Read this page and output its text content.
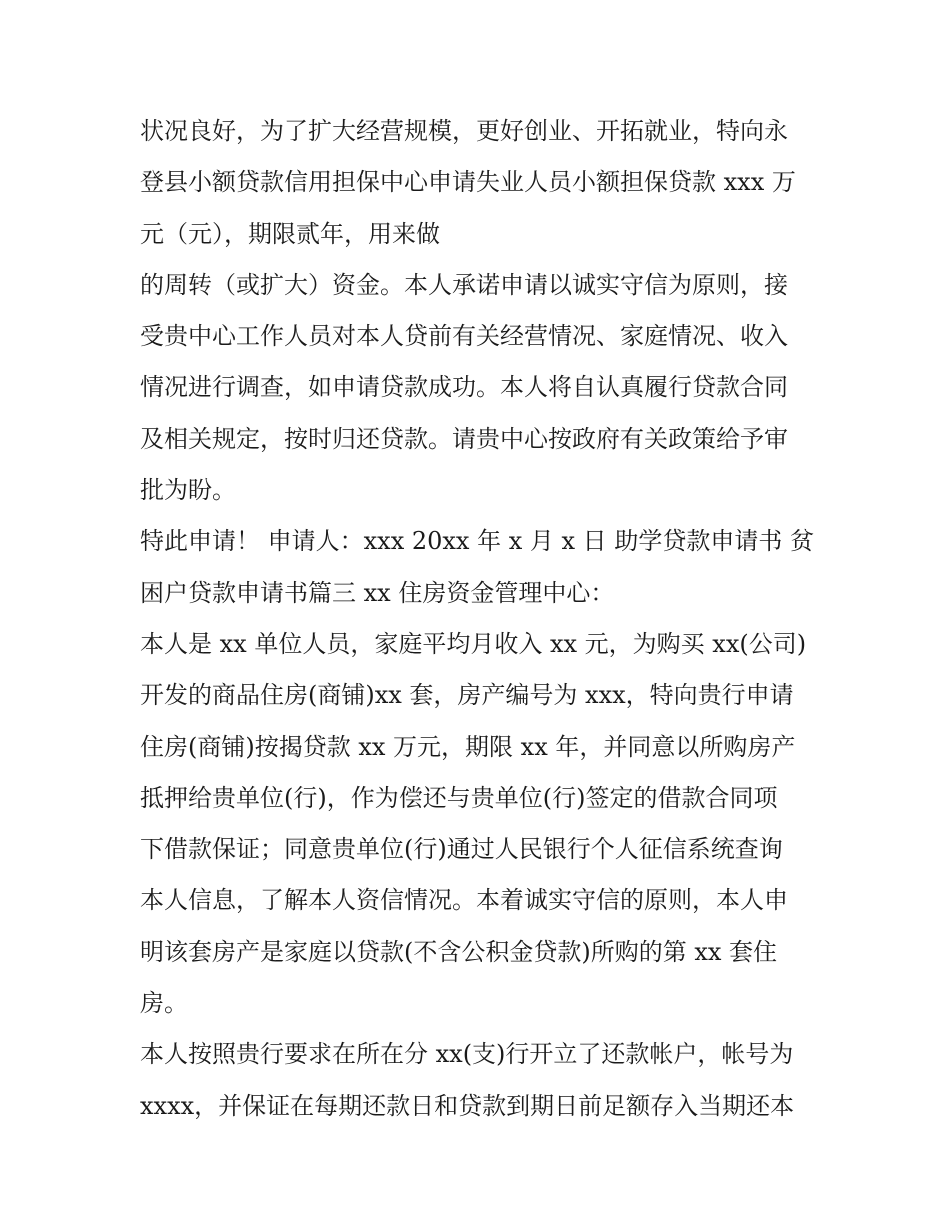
状况良好，为了扩大经营规模，更好创业、开拓就业，特向永
登县小额贷款信用担保中心申请失业人员小额担保贷款 xxx 万
元（元），期限贰年，用来做
的周转（或扩大）资金。本人承诺申请以诚实守信为原则，接
受贵中心工作人员对本人贷前有关经营情况、家庭情况、收入
情况进行调查，如申请贷款成功。本人将自认真履行贷款合同
及相关规定，按时归还贷款。请贵中心按政府有关政策给予审
批为盼。
特此申请！ 申请人：xxx 20xx 年 x 月 x 日 助学贷款申请书 贫
困户贷款申请书篇三 xx 住房资金管理中心：
本人是 xx 单位人员，家庭平均月收入 xx 元，为购买 xx(公司)
开发的商品住房(商铺)xx 套，房产编号为 xxx，特向贵行申请
住房(商铺)按揭贷款 xx 万元，期限 xx 年，并同意以所购房产
抵押给贵单位(行)，作为偿还与贵单位(行)签定的借款合同项
下借款保证；同意贵单位(行)通过人民银行个人征信系统查询
本人信息，了解本人资信情况。本着诚实守信的原则，本人申
明该套房产是家庭以贷款(不含公积金贷款)所购的第 xx 套住
房。
本人按照贵行要求在所在分 xx(支)行开立了还款帐户，帐号为
xxxx，并保证在每期还款日和贷款到期日前足额存入当期还本
